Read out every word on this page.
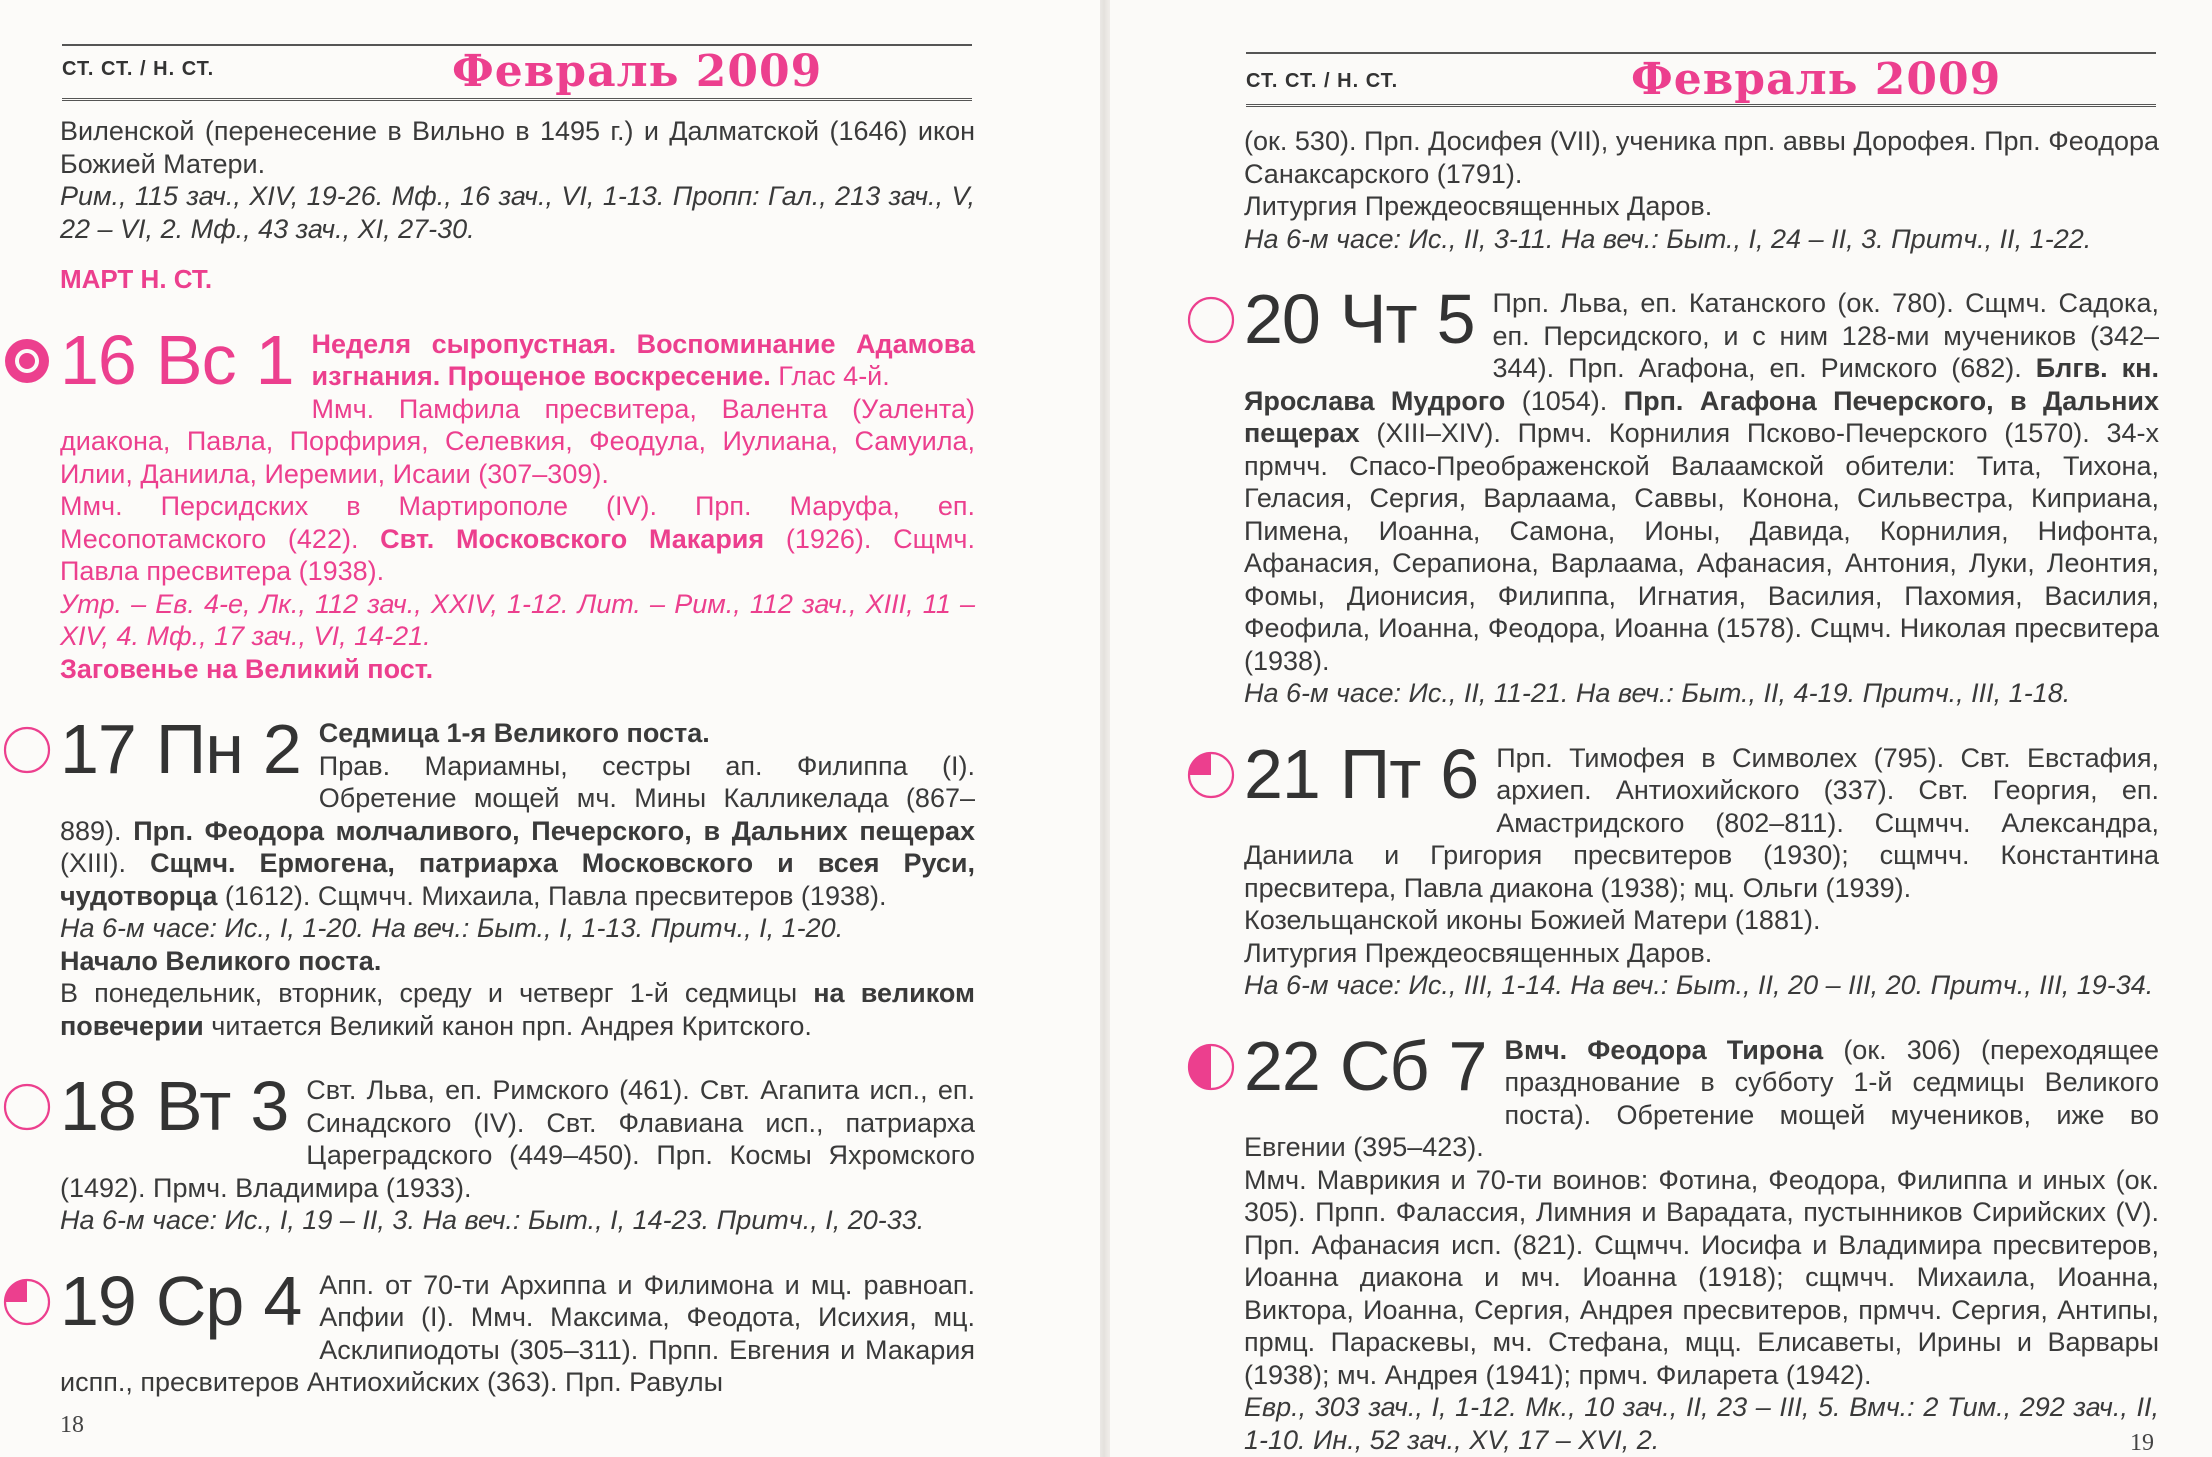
СТ. СТ. / Н. СТ.	Февраль 2009

Виленской (перенесение в Вильно в 1495 г.) и Далматской (1646) икон Божией Матери.

Рим., 115 зач., XIV, 19-26. Мф., 16 зач., VI, 1-13. Пропп: Гал., 213 зач., V, 22 – VI, 2. Мф., 43 зач., XI, 27-30.

МАРТ Н. СТ.

16 Вс 1 Неделя сыропустная. Воспоминание Адамова изгнания. Прощеное воскресение. Глас 4-й.

Ммч. Памфила пресвитера, Валента (Уалента) диакона, Павла, Порфирия, Селевкия, Феодула, Иулиана, Самуила, Илии, Даниила, Иеремии, Исаии (307–309).

Ммч. Персидских в Мартирополе (IV). Прп. Маруфа, еп. Месопотамского (422). Свт. Московского Макария (1926). Сщмч. Павла пресвитера (1938).

Утр. – Ев. 4-е, Лк., 112 зач., XXIV, 1-12. Лит. – Рим., 112 зач., XIII, 11 – XIV, 4. Мф., 17 зач., VI, 14-21.

Заговенье на Великий пост.

17 Пн 2 Седмица 1-я Великого поста.

Прав. Мариамны, сестры ап. Филиппа (I). Обретение мощей мч. Мины Калликелада (867–889). Прп. Феодора молчаливого, Печерского, в Дальних пещерах (XIII). Сщмч. Ермогена, патриарха Московского и всея Руси, чудотворца (1612). Сщмчч. Михаила, Павла пресвитеров (1938).

На 6-м часе: Ис., I, 1-20. На веч.: Быт., I, 1-13. Притч., I, 1-20.

Начало Великого поста.

В понедельник, вторник, среду и четверг 1-й седмицы на великом повечерии читается Великий канон прп. Андрея Критского.

18 Вт 3 Свт. Льва, еп. Римского (461). Свт. Агапита исп., еп. Синадского (IV). Свт. Флавиана исп., патриарха Цареградского (449–450). Прп. Космы Яхромского (1492). Прмч. Владимира (1933).

На 6-м часе: Ис., I, 19 – II, 3. На веч.: Быт., I, 14-23. Притч., I, 20-33.

19 Ср 4 Апп. от 70-ти Архиппа и Филимона и мц. равноап. Апфии (I). Ммч. Максима, Феодота, Исихия, мц. Асклипиодоты (305–311). Прпп. Евгения и Макария испп., пресвитеров Антиохийских (363). Прп. Равулы

18
СТ. СТ. / Н. СТ.	Февраль 2009

(ок. 530). Прп. Досифея (VII), ученика прп. аввы Дорофея. Прп. Феодора Санаксарского (1791).

Литургия Преждеосвященных Даров.

На 6-м часе: Ис., II, 3-11. На веч.: Быт., I, 24 – II, 3. Притч., II, 1-22.

20 Чт 5 Прп. Льва, еп. Катанского (ок. 780). Сщмч. Садока, еп. Персидского, и с ним 128-ми мучеников (342–344). Прп. Агафона, еп. Римского (682). Блгв. кн. Ярослава Мудрого (1054). Прп. Агафона Печерского, в Дальних пещерах (XIII–XIV). Прмч. Корнилия Псково-Печерского (1570). 34-х прмчч. Спасо-Преображенской Валаамской обители: Тита, Тихона, Геласия, Сергия, Варлаама, Саввы, Конона, Сильвестра, Киприана, Пимена, Иоанна, Самона, Ионы, Давида, Корнилия, Нифонта, Афанасия, Серапиона, Варлаама, Афанасия, Антония, Луки, Леонтия, Фомы, Дионисия, Филиппа, Игнатия, Василия, Пахомия, Василия, Феофила, Иоанна, Феодора, Иоанна (1578). Сщмч. Николая пресвитера (1938).

На 6-м часе: Ис., II, 11-21. На веч.: Быт., II, 4-19. Притч., III, 1-18.

21 Пт 6 Прп. Тимофея в Символех (795). Свт. Евстафия, архиеп. Антиохийского (337). Свт. Георгия, еп. Амастридского (802–811). Сщмчч. Александра, Даниила и Григория пресвитеров (1930); сщмчч. Константина пресвитера, Павла диакона (1938); мц. Ольги (1939).

Козельщанской иконы Божией Матери (1881).

Литургия Преждеосвященных Даров.

На 6-м часе: Ис., III, 1-14. На веч.: Быт., II, 20 – III, 20. Притч., III, 19-34.

22 Сб 7 Вмч. Феодора Тирона (ок. 306) (переходящее празднование в субботу 1-й седмицы Великого поста). Обретение мощей мучеников, иже во Евгении (395–423).

Ммч. Маврикия и 70-ти воинов: Фотина, Феодора, Филиппа и иных (ок. 305). Прпп. Фалассия, Лимния и Варадата, пустынников Сирийских (V). Прп. Афанасия исп. (821). Сщмчч. Иосифа и Владимира пресвитеров, Иоанна диакона и мч. Иоанна (1918); сщмчч. Михаила, Иоанна, Виктора, Иоанна, Сергия, Андрея пресвитеров, прмчч. Сергия, Антипы, прмц. Параскевы, мч. Стефана, мцц. Елисаветы, Ирины и Варвары (1938); мч. Андрея (1941); прмч. Филарета (1942).

Евр., 303 зач., I, 1-12. Мк., 10 зач., II, 23 – III, 5. Вмч.: 2 Тим., 292 зач., II, 1-10. Ин., 52 зач., XV, 17 – XVI, 2.	19
